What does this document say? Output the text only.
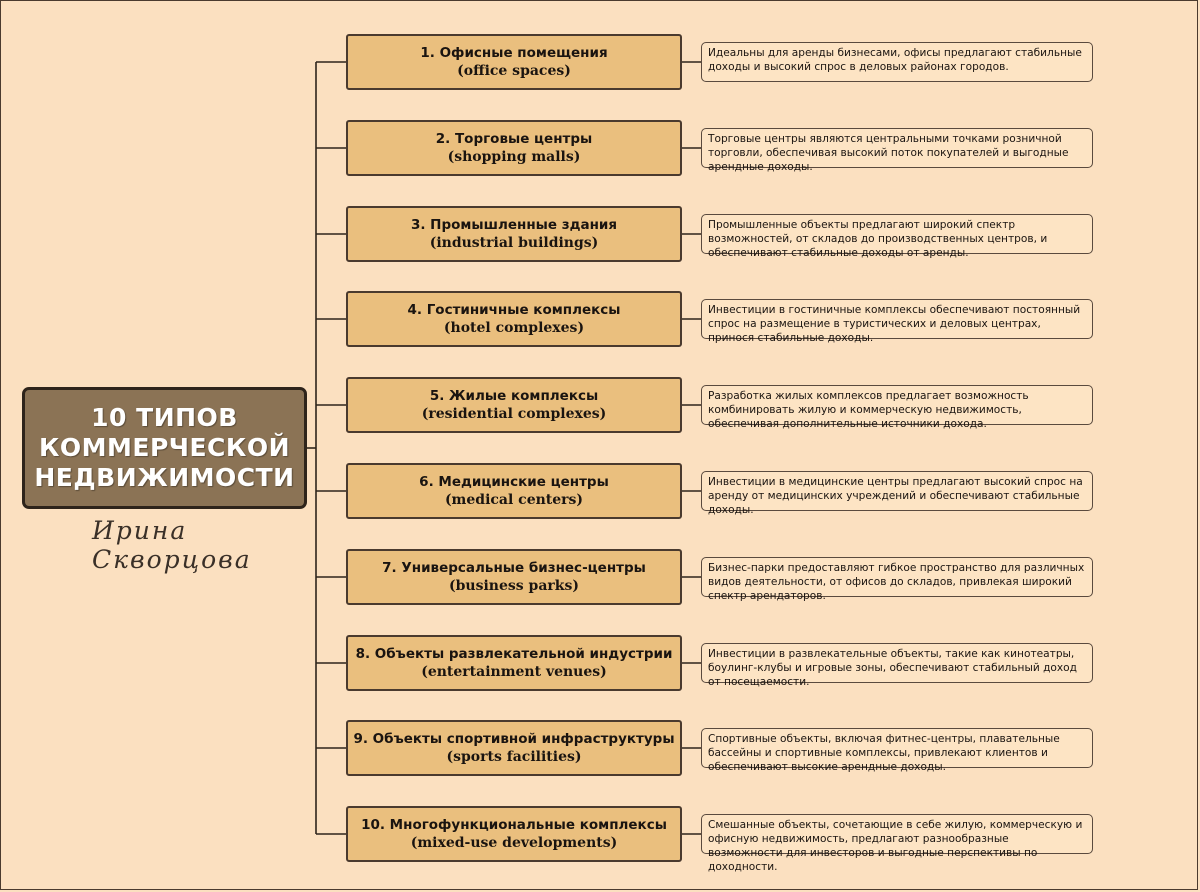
10 ТИПОВ
КОММЕРЧЕСКОЙ
НЕДВИЖИМОСТИ
Ирина Скворцова
1. Офисные помещения
(office spaces)
Идеальны для аренды бизнесами, офисы предлагают стабильные доходы и высокий спрос в деловых районах городов.
2. Торговые центры
(shopping malls)
Торговые центры являются центральными точками розничной торговли, обеспечивая высокий поток покупателей и выгодные арендные доходы.
3. Промышленные здания
(industrial buildings)
Промышленные объекты предлагают широкий спектр возможностей, от складов до производственных центров, и обеспечивают стабильные доходы от аренды.
4. Гостиничные комплексы
(hotel complexes)
Инвестиции в гостиничные комплексы обеспечивают постоянный спрос на размещение в туристических и деловых центрах, принося стабильные доходы.
5. Жилые комплексы
(residential complexes)
Разработка жилых комплексов предлагает возможность комбинировать жилую и коммерческую недвижимость, обеспечивая дополнительные источники дохода.
6. Медицинские центры
(medical centers)
Инвестиции в медицинские центры предлагают высокий спрос на аренду от медицинских учреждений и обеспечивают стабильные доходы.
7. Универсальные бизнес-центры
(business parks)
Бизнес-парки предоставляют гибкое пространство для различных видов деятельности, от офисов до складов, привлекая широкий спектр арендаторов.
8. Объекты развлекательной индустрии
(entertainment venues)
Инвестиции в развлекательные объекты, такие как кинотеатры, боулинг-клубы и игровые зоны, обеспечивают стабильный доход от посещаемости.
9. Объекты спортивной инфраструктуры
(sports facilities)
Спортивные объекты, включая фитнес-центры, плавательные бассейны и спортивные комплексы, привлекают клиентов и обеспечивают высокие арендные доходы.
10. Многофункциональные комплексы
(mixed-use developments)
Смешанные объекты, сочетающие в себе жилую, коммерческую и офисную недвижимость, предлагают разнообразные возможности для инвесторов и выгодные перспективы по доходности.
